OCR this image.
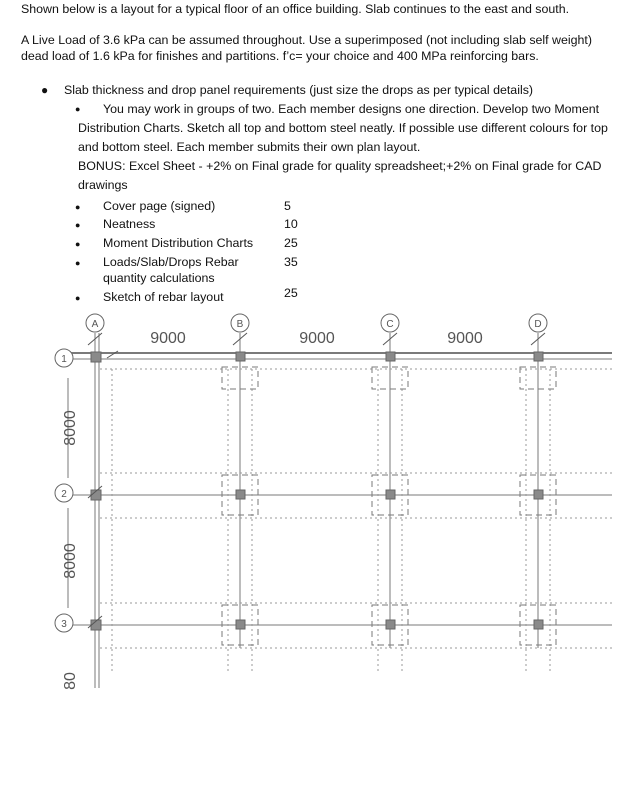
Shown below is a layout for a typical floor of an office building. Slab continues to the east and south.
A Live Load of 3.6 kPa can be assumed throughout. Use a superimposed (not including slab self weight)
dead load of 1.6 kPa for finishes and partitions. f’c= your choice and 400 MPa reinforcing bars.
● Slab thickness and drop panel requirements (just size the drops as per typical details)
● You may work in groups of two. Each member designs one direction. Develop two Moment
Distribution Charts. Sketch all top and bottom steel neatly. If possible use different colours for top
and bottom steel. Each member submits their own plan layout.
BONUS: Excel Sheet - +2% on Final grade for quality spreadsheet;+2% on Final grade for CAD
drawings
● Cover page (signed)	5
● Neatness	10
● Moment Distribution Charts 25
● Loads/Slab/Drops Rebar
quantity calculations
35
● Sketch of rebar layout	25
A	B	C	D
1
2
3
9000	9000	9000
8000
8000
80
